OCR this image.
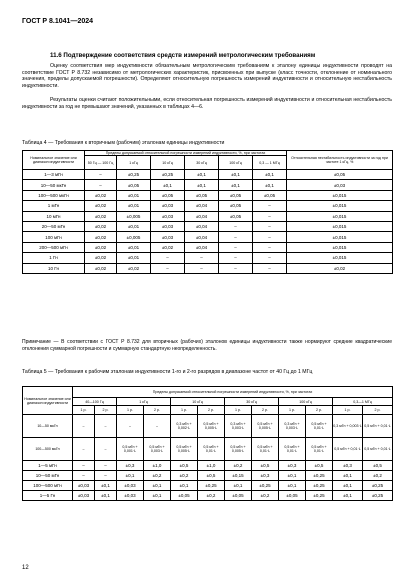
ГОСТ Р 8.1041—2024
11.6 Подтверждение соответствия средств измерений метрологическим требованиям
Оценку соответствия мер индуктивности обязательным метрологическим требованиям к эталону единицы индуктивности проводят на соответствие ГОСТ Р 8.732 независимо от метрологических характеристик, присвоенных при выпуске (класс точности, отклонение от номинального значения, пределы допускаемой погрешности). Определяют относительную погрешность измерений индуктивности и относительную нестабильность индуктивности.
Результаты оценки считают положительными, если относительная погрешность измерений индуктивности и относительная нестабильность индуктивности за год не превышают значений, указанных в таблицах 4—6.
Таблица 4 — Требования к вторичным (рабочим) эталонам единицы индуктивности
Номинальное значение или диапазон индуктивности	Пределы допускаемой относительной погрешности измерений индуктивности, %, при частотах						Относительная нестабильность индуктивности за год при частоте 1 кГц, %
	50 Гц — 100 Гц	1 кГц	10 кГц	30 кГц	100 кГц	0,3 — 1 МГц	
1—3 мГн	–	±0,25	±0,25	±0,1	±0,1	±0,1	±0,05
10—50 мкГн	–	±0,05	±0,1	±0,1	±0,1	±0,1	±0,03
100—500 мкГн	±0,02	±0,01	±0,05	±0,05	±0,05	±0,05	±0,015
1 мГн	±0,02	±0,01	±0,03	±0,04	±0,05	–	±0,015
10 мГн	±0,02	±0,005	±0,03	±0,04	±0,05	–	±0,015
20—50 мГн	±0,02	±0,01	±0,03	±0,04	–	–	±0,015
100 мГн	±0,02	±0,005	±0,03	±0,04	–	–	±0,015
200—500 мГн	±0,02	±0,01	±0,02	±0,04	–	–	±0,015
1 Гн	±0,02	±0,01	–	–	–	–	±0,015
10 Гн	±0,02	±0,02	–	–	–	–	±0,02
Примечание — В соответствии с ГОСТ Р 8.732 для вторичных (рабочих) эталонов единицы индуктивности также нормируют средние квадратические отклонения суммарной погрешности и суммарную стандартную неопределенность.
Таблица 5 — Требования к рабочим эталонам индуктивности 1-го и 2-го разрядов в диапазоне частот от 40 Гц до 1 МГц
Номинальное значение или диапазон индуктивности	Пределы допускаемой относительной погрешности измерений индуктивности, %, при частотах											
	40—100 Гц		1 кГц		10 кГц		30 кГц		100 кГц		0,3—1 МГц	
	1 р.	2 р.	1 р.	2 р.	1 р.	2 р.	1 р.	2 р.	1 р.	2 р.	1 р.	2 р.
10—50 мкГн	–	–	–	–	0,3 мГн + 0,002·L	0,5 мГн + 0,005·L	0,3 мГн + 0,003·L	0,5 мГн + 0,005·L	0,3 мГн + 0,003·L	0,5 мГн + 0,01·L	0,3 мГн + 0,003·L	0,5 мГн + 0,01·L
100—500 мкГн	–	–	0,5 мГн + 0,001·L	0,5 мГн + 0,003·L	0,5 мГн + 0,005·L	0,5 мГн + 0,01·L	0,5 мГн + 0,005·L	0,5 мГн + 0,01·L	0,5 мГн + 0,01·L	0,5 мГн + 0,01·L	0,5 мГн + 0,01·L	0,5 мГн + 0,01·L
1—5 мГн	–	–	±0,3	±1,0	±0,5	±1,0	±0,2	±0,5	±0,3	±0,5	±0,3	±0,5
10—50 мГн	–	–	±0,1	±0,2	±0,2	±0,5	±0,15	±0,3	±0,1	±0,25	±0,1	±0,2
100—500 мГн	±0,03	±0,1	±0,03	±0,1	±0,1	±0,25	±0,1	±0,25	±0,1	±0,25	±0,1	±0,25
1—5 Гн	±0,03	±0,1	±0,03	±0,1	±0,05	±0,2	±0,05	±0,2	±0,05	±0,25	±0,1	±0,25
12
